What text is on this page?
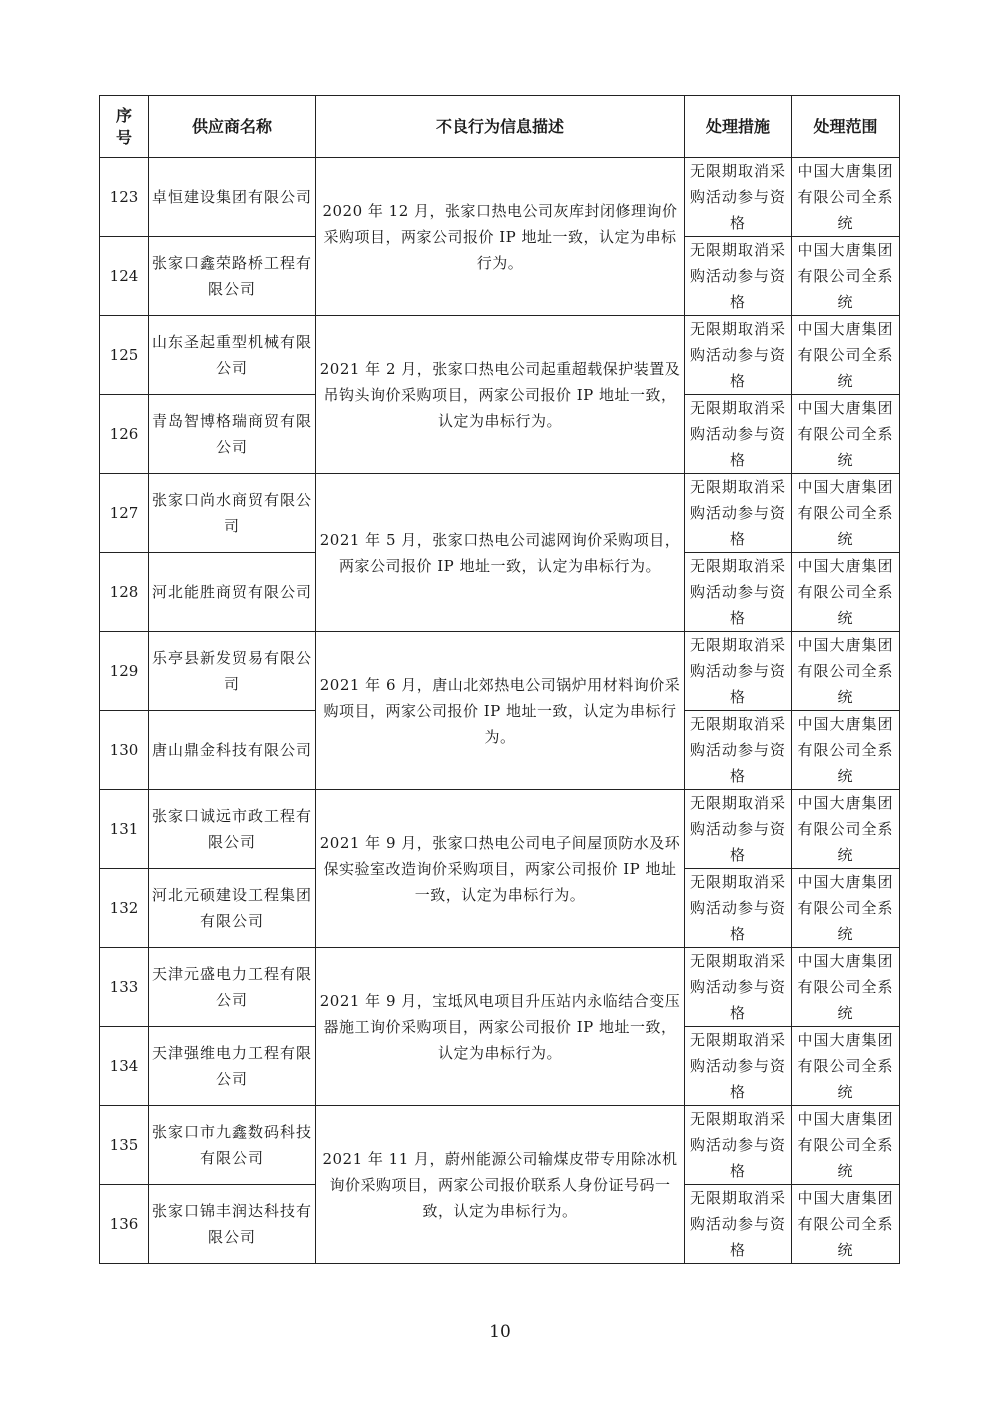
序号	供应商名称	不良行为信息描述	处理措施	处理范围
123	卓恒建设集团有限公司	2020 年 12 月，张家口热电公司灰库封闭修理询价采购项目，两家公司报价 IP 地址一致，认定为串标行为。	无限期取消采购活动参与资格	中国大唐集团有限公司全系统
124	张家口鑫荣路桥工程有限公司		无限期取消采购活动参与资格	中国大唐集团有限公司全系统
125	山东圣起重型机械有限公司	2021 年 2 月，张家口热电公司起重超载保护装置及吊钩头询价采购项目，两家公司报价 IP 地址一致，认定为串标行为。	无限期取消采购活动参与资格	中国大唐集团有限公司全系统
126	青岛智博格瑞商贸有限公司		无限期取消采购活动参与资格	中国大唐集团有限公司全系统
127	张家口尚水商贸有限公司	2021 年 5 月，张家口热电公司滤网询价采购项目，两家公司报价 IP 地址一致，认定为串标行为。	无限期取消采购活动参与资格	中国大唐集团有限公司全系统
128	河北能胜商贸有限公司		无限期取消采购活动参与资格	中国大唐集团有限公司全系统
129	乐亭县新发贸易有限公司	2021 年 6 月，唐山北郊热电公司锅炉用材料询价采购项目，两家公司报价 IP 地址一致，认定为串标行为。	无限期取消采购活动参与资格	中国大唐集团有限公司全系统
130	唐山鼎金科技有限公司		无限期取消采购活动参与资格	中国大唐集团有限公司全系统
131	张家口诚远市政工程有限公司	2021 年 9 月，张家口热电公司电子间屋顶防水及环保实验室改造询价采购项目，两家公司报价 IP 地址一致，认定为串标行为。	无限期取消采购活动参与资格	中国大唐集团有限公司全系统
132	河北元硕建设工程集团有限公司		无限期取消采购活动参与资格	中国大唐集团有限公司全系统
133	天津元盛电力工程有限公司	2021 年 9 月，宝坻风电项目升压站内永临结合变压器施工询价采购项目，两家公司报价 IP 地址一致，认定为串标行为。	无限期取消采购活动参与资格	中国大唐集团有限公司全系统
134	天津强维电力工程有限公司		无限期取消采购活动参与资格	中国大唐集团有限公司全系统
135	张家口市九鑫数码科技有限公司	2021 年 11 月，蔚州能源公司输煤皮带专用除冰机询价采购项目，两家公司报价联系人身份证号码一致，认定为串标行为。	无限期取消采购活动参与资格	中国大唐集团有限公司全系统
136	张家口锦丰润达科技有限公司		无限期取消采购活动参与资格	中国大唐集团有限公司全系统
10
